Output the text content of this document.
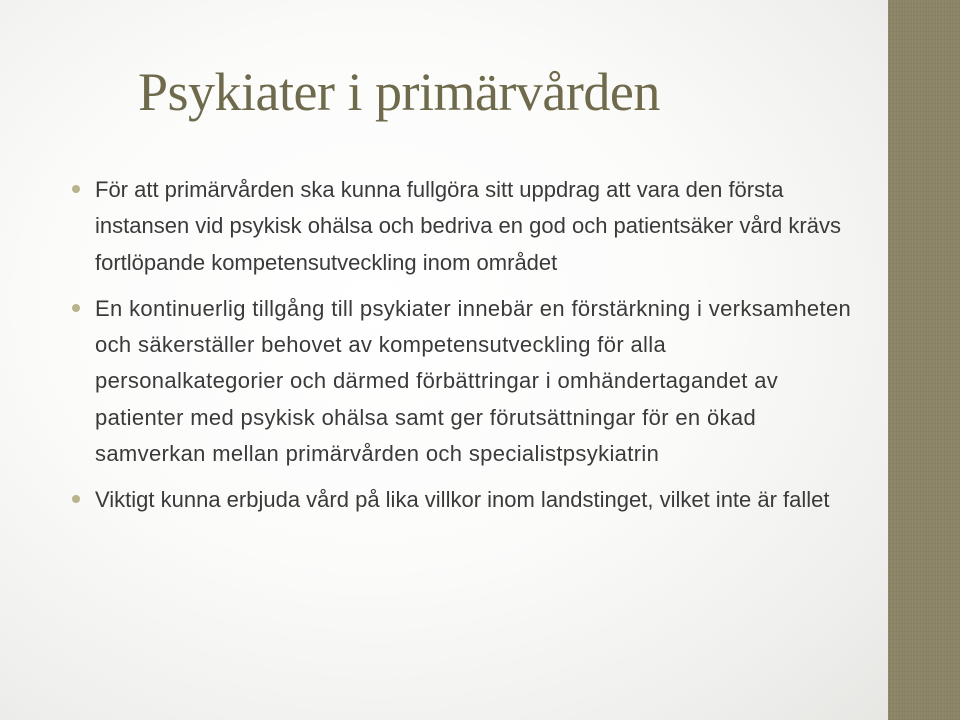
Psykiater i primärvården
För att primärvården ska kunna fullgöra sitt uppdrag att vara den första instansen vid psykisk ohälsa och bedriva en god och patientsäker vård krävs fortlöpande kompetensutveckling inom området
En kontinuerlig tillgång till psykiater innebär en förstärkning i verksamheten och säkerställer behovet av kompetensutveckling för alla personalkategorier och därmed förbättringar i omhändertagandet av patienter med psykisk ohälsa samt ger förutsättningar för en ökad samverkan mellan primärvården och specialistpsykiatrin
Viktigt kunna erbjuda vård på lika villkor inom landstinget, vilket inte är fallet
